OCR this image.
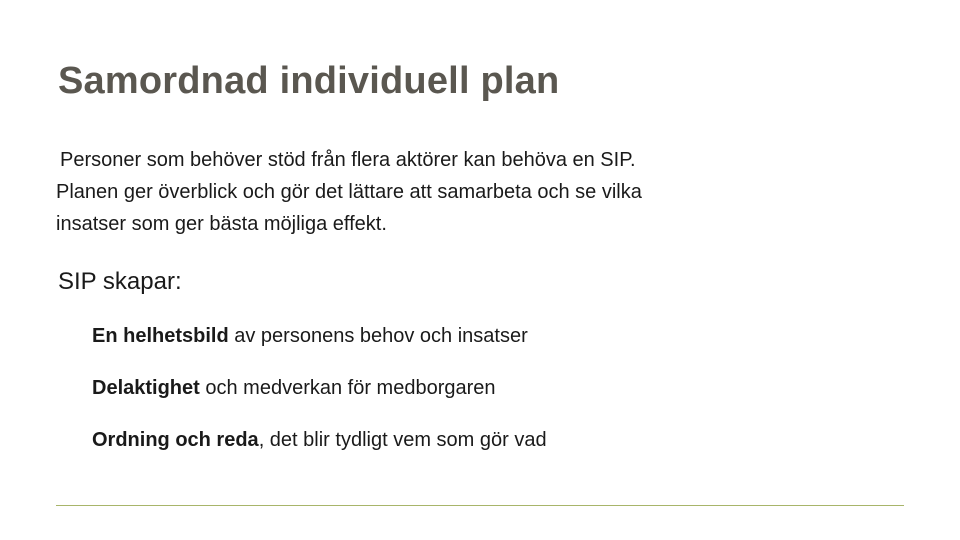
Samordnad individuell plan

Personer som behöver stöd från flera aktörer kan behöva en SIP.
Planen ger överblick och gör det lättare att samarbeta och se vilka
insatser som ger bästa möjliga effekt.

SIP skapar:
En helhetsbild av personens behov och insatser
Delaktighet och medverkan för medborgaren
Ordning och reda, det blir tydligt vem som gör vad
